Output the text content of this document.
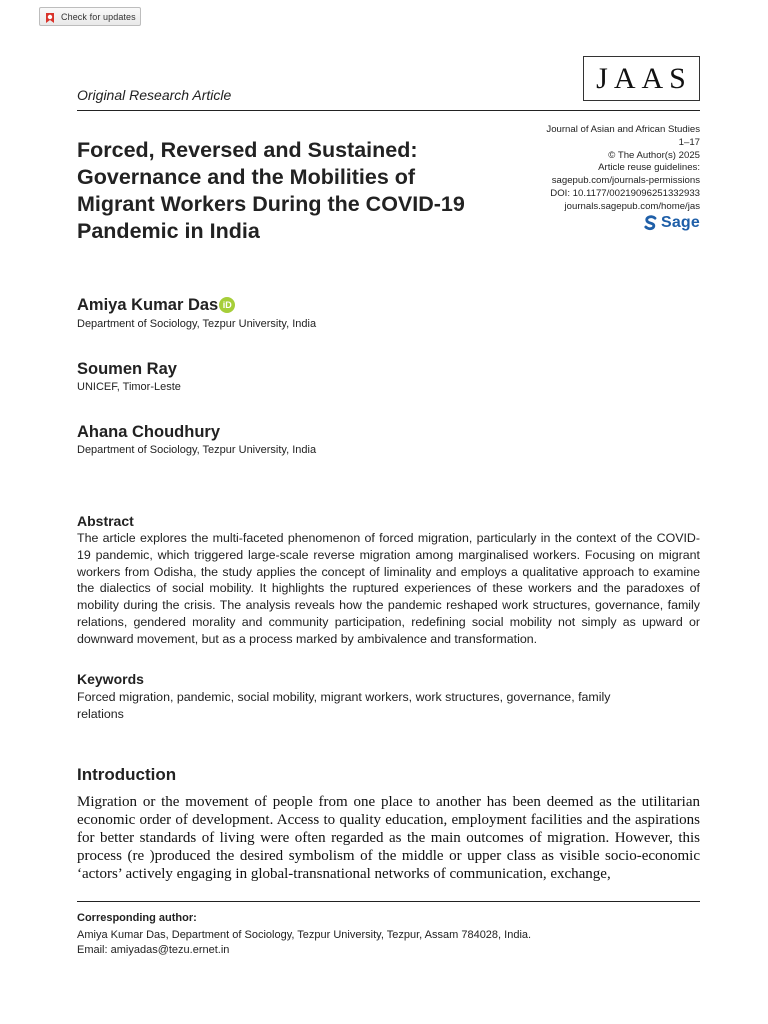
Check for updates
Original Research Article
JAAS
Journal of Asian and African Studies
1–17
© The Author(s) 2025
Article reuse guidelines:
sagepub.com/journals-permissions
DOI: 10.1177/00219096251332933
journals.sagepub.com/home/jas
Sage
Forced, Reversed and Sustained: Governance and the Mobilities of Migrant Workers During the COVID-19 Pandemic in India
Amiya Kumar Das iD
Department of Sociology, Tezpur University, India
Soumen Ray
UNICEF, Timor-Leste
Ahana Choudhury
Department of Sociology, Tezpur University, India
Abstract

The article explores the multi-faceted phenomenon of forced migration, particularly in the context of the COVID-19 pandemic, which triggered large-scale reverse migration among marginalised workers. Focusing on migrant workers from Odisha, the study applies the concept of liminality and employs a qualitative approach to examine the dialectics of social mobility. It highlights the ruptured experiences of these workers and the paradoxes of mobility during the crisis. The analysis reveals how the pandemic reshaped work structures, governance, family relations, gendered morality and community participation, redefining social mobility not simply as upward or downward movement, but as a process marked by ambivalence and transformation.

Keywords

Forced migration, pandemic, social mobility, migrant workers, work structures, governance, family relations

Introduction

Migration or the movement of people from one place to another has been deemed as the utilitarian economic order of development. Access to quality education, employment facilities and the aspirations for better standards of living were often regarded as the main outcomes of migration. However, this process (re )produced the desired symbolism of the middle or upper class as visible socio-economic ‘actors’ actively engaging in global-transnational networks of communication, exchange,

Corresponding author:
Amiya Kumar Das, Department of Sociology, Tezpur University, Tezpur, Assam 784028, India.
Email: amiyadas@tezu.ernet.in
